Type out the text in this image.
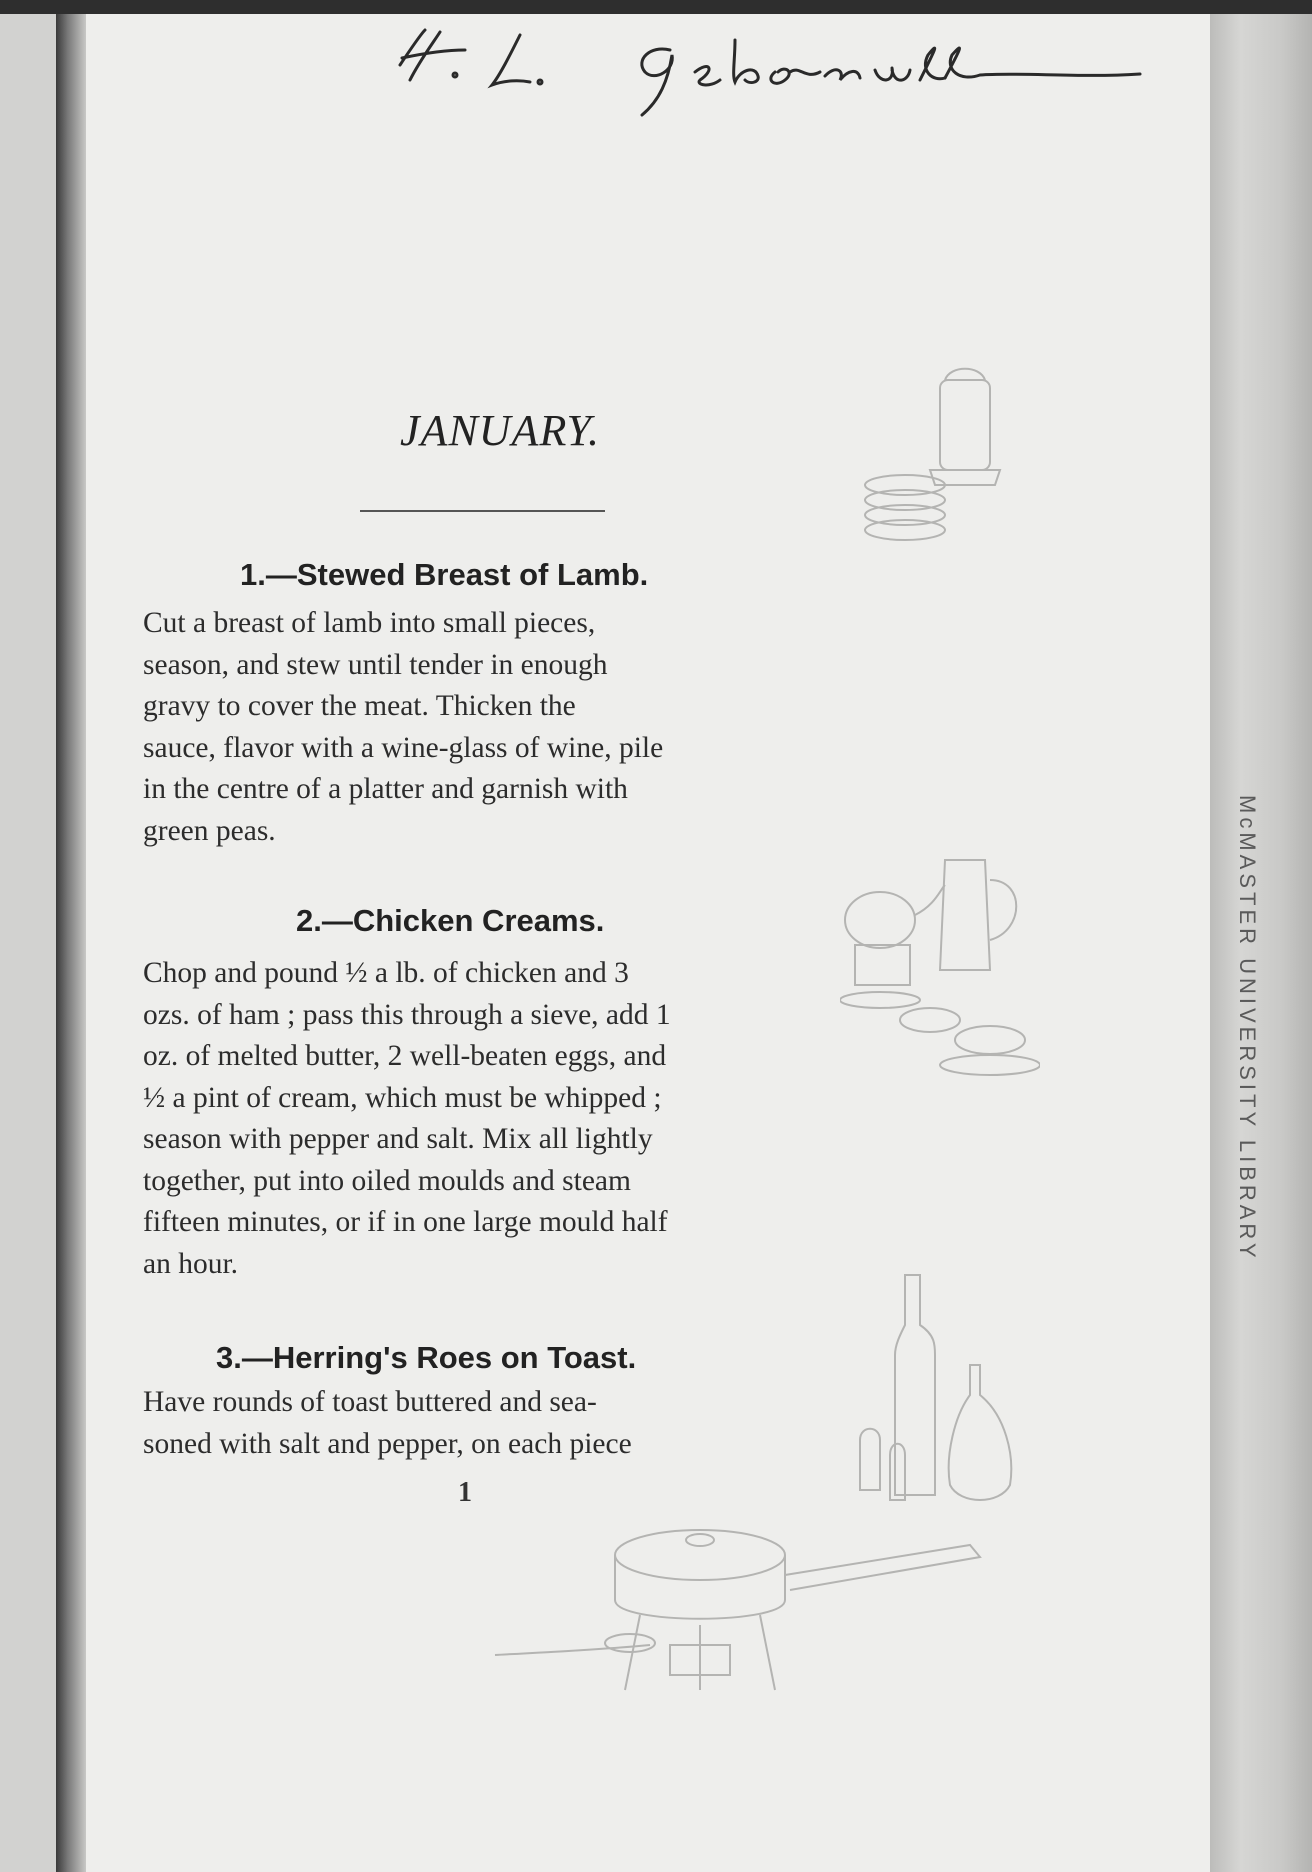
McMASTER UNIVERSITY LIBRARY
JANUARY.
1.—Stewed Breast of Lamb.
Cut a breast of lamb into small pieces,
season, and stew until tender in enough
gravy to cover the meat. Thicken the
sauce, flavor with a wine-glass of wine, pile
in the centre of a platter and garnish with
green peas.
2.—Chicken Creams.
Chop and pound ½ a lb. of chicken and 3
ozs. of ham ; pass this through a sieve, add 1
oz. of melted butter, 2 well-beaten eggs, and
½ a pint of cream, which must be whipped ;
season with pepper and salt. Mix all lightly
together, put into oiled moulds and steam
fifteen minutes, or if in one large mould half
an hour.
3.—Herring's Roes on Toast.
Have rounds of toast buttered and sea-
soned with salt and pepper, on each piece
1
